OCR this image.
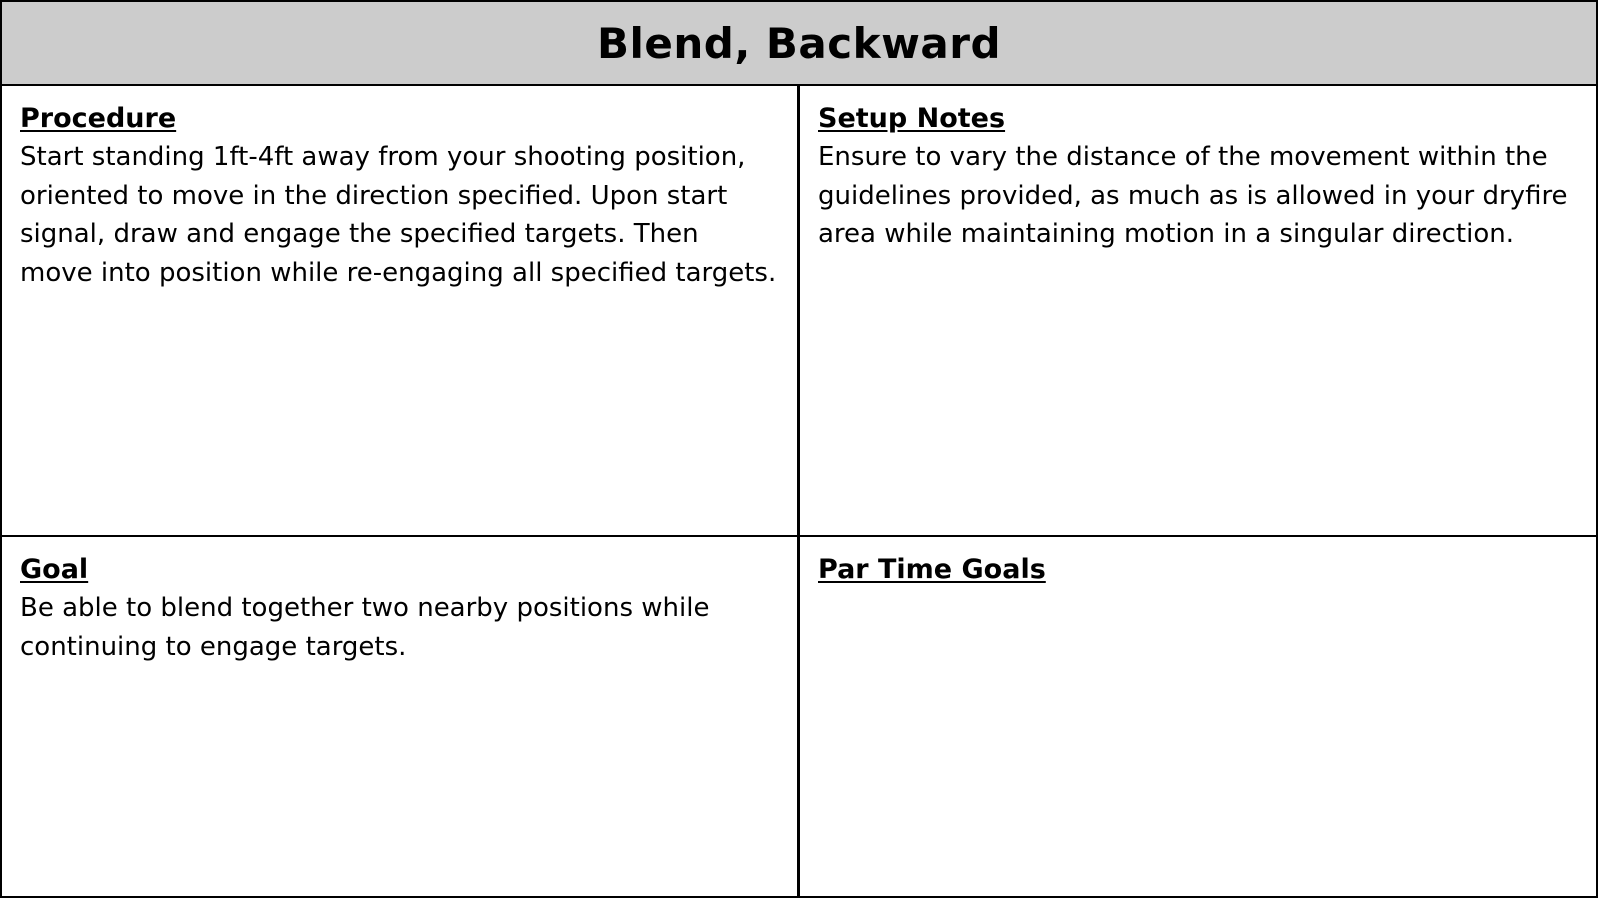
Blend, Backward

Procedure

Start standing 1ft-4ft away from your shooting position, oriented to move in the direction specified. Upon start signal, draw and engage the specified targets. Then move into position while re-engaging all specified targets.

Setup Notes

Ensure to vary the distance of the movement within the guidelines provided, as much as is allowed in your dryfire area while maintaining motion in a singular direction.

Goal

Be able to blend together two nearby positions while continuing to engage targets.

Par Time Goals
